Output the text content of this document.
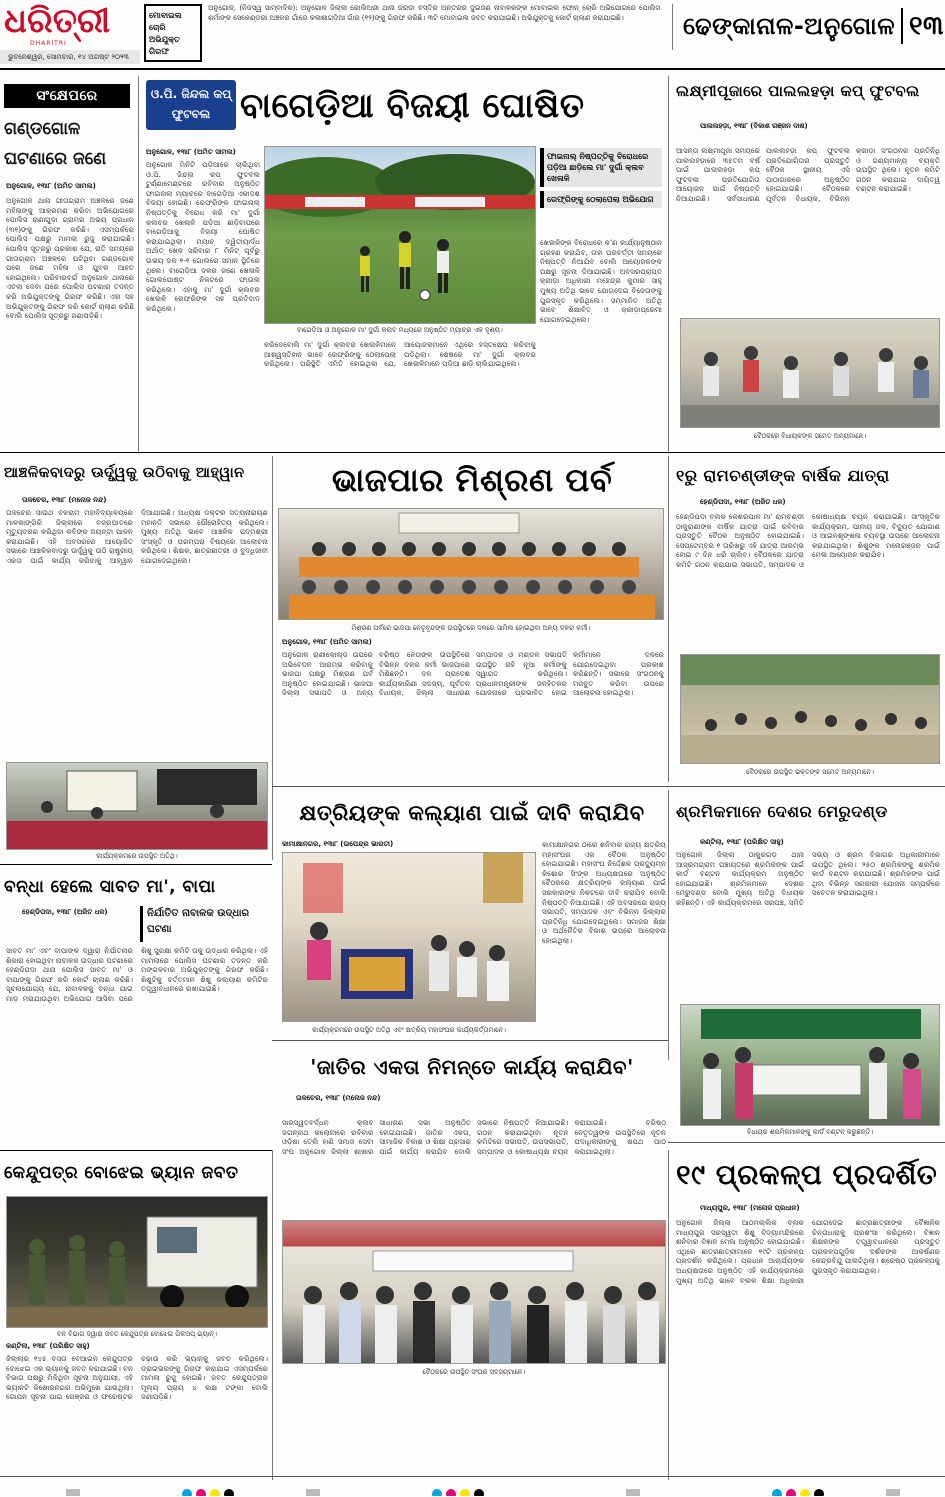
ଧରିତ୍ରୀ
DHARITRI
ଭୁବନେଶ୍ୱର, ସୋମବାର, ୧୪ ଅଗଷ୍ଟ ୨୦୨୩
ମୋବାଇଲ ଚୋରି ଅଭିଯୁକ୍ତ ଗିରଫ
ଅନୁଗୋଳ, (ନିଜସ୍ୱ ସାମ୍ବାଦିକ): ଅନୁଗୋଳ ଜିଲ୍ଲା କୋଲିଅରୀ ଥାନା ଜରଡା ବସ୍ତିର ଅନ୍ତରର ଦୁଇଜଣ ନାବାଳକଙ୍କ ମୋବାଇଲ ଫୋନ୍ ଚୋରି ଅଭିଯୋଗରେ ପୋଲିସ ଶର୍ମାଙ୍କ ସେକେଣ୍ଡରୀ ଅଞ୍ଚଳର ଗାଁରେ କଳାଶାଗଡ଼ିଆ ଗାଁର (୧୨)ଙ୍କୁ ଗିରଫ କରିଛି। ୩ଟି ମୋବାଇଲ ଜବତ କରାଯାଇଛି। ଅଭିଯୁକ୍ତକୁ କୋର୍ଟ ଚାଲାଣ କରାଯାଇଛି।	ଢେଙ୍କାନାଳ-ଅନୁଗୋଳ ୧୩
ସଂକ୍ଷେପରେ
ଗଣ୍ଡଗୋଳ ଘଟଣାରେ ଜଣେ
ଅନୁଗୋଳ, ୧୩ା୮ (ଅମିତ ସାମଲ)
ଅନୁଗୋଳ ଥାନା ଗୀତାଗ୍ରାମ ଅଞ୍ଚଳରେ ଜଣେ ମହିଳାଙ୍କୁ ଆକ୍ରମଣ କରିବା ଅଭିଯୋଗରେ ପୋଲିସ ରାଣୀଗୁଡ଼ା ଗ୍ରାମର ଅଭୟ ପ୍ରଧାନ (୩୧)ଙ୍କୁ ଗିରଫ କରିଛି। ଏସମ୍ପର୍କରେ ପୋଲିସ ପକ୍ଷରୁ ମାମଲା ରୁଜୁ କରାଯାଇଛି। ପୋଲିସ ସୂତ୍ରରୁ ପ୍ରକାଶ ଯେ, ରାତି ସମୟରେ ଗୀତାଗ୍ରାମ ଅଞ୍ଚଳରେ ଘଟିଥିବା ଗଣ୍ଡଗୋଳ ପରେ ଜଣେ ମହିଳା ଓ ଯୁବକ ଆହତ ହୋଇଥିଲେ। ପରିବାରବର୍ଗ ଅନୁଗୋଳ ଥାନାରେ ଏତଲା ଦେବା ପରେ ପୋଲିସ ଘଟଣାର ତଦନ୍ତ କରି ଅଭିଯୁକ୍ତଙ୍କୁ ଗିରଫ କରିଛି। ଏହା ସହ ଅଭିଯୁକ୍ତଙ୍କୁ ଗିରଫ କରି କୋର୍ଟ ଚାଲାଣ କରିଛି ବୋଲି ପୋଲିସ ସୂତ୍ରରୁ ଜଣାପଡ଼ିଛି।
ଓ.ପି. ଜିନ୍ଦଲ କପ୍ ଫୁଟବଲ ବାଗେଡ଼ିଆ ବିଜୟୀ ଘୋଷିତ
ଅନୁଗୋଳ, ୧୩ା୮ (ଅମିତ ସାମଲ)
ଅନୁଗୋଳ ମିନିଟି ପଡ଼ିଆରେ ଚାଲିଥିବା ଓ.ପି. ଜିନ୍ଦଲ କପ୍ ଫୁଟବଲ ଟୁର୍ଣ୍ଣାମେଣ୍ଟରେ ରବିବାର ଅନୁଷ୍ଠିତ ଫାଇନାଲ ମ୍ୟାଚରେ ବାଗେଡ଼ିଆ ଏକାଦଶ ବିଜୟୀ ହୋଇଛି। ରେଫ୍ରିଙ୍କ ଫାଇନାଲ୍ ନିଷ୍ପତ୍ତିକୁ ବିରୋଧ କରି ମା' ଦୁର୍ଗା କ୍ଲବର ଖେଳାଳି ପଡ଼ିଆ ଛାଡ଼ିବାପରେ ବାଗେଡ଼ିଆକୁ ବିଜୟୀ ଘୋଷିତ କରାଯାଇଥିଲା। ମ୍ୟାଚ୍ ଦ୍ୱିତୀୟାର୍ଦ୍ଧ ଅର୍ଥାତ୍ ଖେଳ ସରିବାର ୮ ମିନିଟ୍ ପୂର୍ବରୁ ଉଭୟ ଦଳ ୧-୧ ଗୋଲରେ ସମାନ ସ୍ଥିତିରେ ଥିଲେ। ବାଗେଡ଼ିଆ ଦଳର ଜଣେ ଖେଳାଳି ଗୋଲପୋଷ୍ଟ ନିକଟରେ ଫାଉଲ କରିଥିଲେ। ଏହାକୁ ମା' ଦୁର୍ଗା କ୍ଲବର ଖେଳାଳି ରେଫ୍ରିଙ୍କ ସହ ପ୍ରତିବାଦ କରିଥିଲେ।
ବାଗେଡ଼ିଆ ଓ ଅନୁଗୋଳ ମା' ଦୁର୍ଗା କ୍ଲବ ମଧ୍ୟରେ ଅନୁଷ୍ଠିତ ମ୍ୟାଚ୍‌ର ଏକ ଦୃଶ୍ୟ।
ଫାଇନାଲ୍ ନିଷ୍ପତ୍ତିକୁ ବିରୋଧରେ ପଡ଼ିଆ ଛାଡ଼ିଲେ ମା' ଦୁର୍ଗା କ୍ଲବ ଖେଳାଳି
ରେଫ୍ରିଙ୍କୁ ଠେଲାପେଲା ଅଭିଯୋଗ
ଖେଳାଳିଙ୍କ ବିରୋଧରେ କ'ଣ କାର୍ଯ୍ୟାନୁଷ୍ଠାନ ଗ୍ରହଣ କରାଯିବ, ତାହା ପରବର୍ତ୍ତୀ ସମୟରେ ନିଷ୍ପତ୍ତି ନିଆଯିବ ବୋଲି ଆୟୋଜକଙ୍କ ପକ୍ଷରୁ ସୂଚନା ଦିଆଯାଇଛି। ଅବସରପ୍ରାପ୍ତ କ୍ରୀଡ଼ା ଅଧିକାରୀ ମହେନ୍ଦ୍ର କୁମାର ସାହୁ ମୁଖ୍ୟ ଅତିଥି ଭାବେ ଯୋଗଦେଇ ବିଜେତାଙ୍କୁ ପୁରସ୍କୃତ କରିଥିଲେ। ସମ୍ମାନିତ ଅତିଥି ଭାବେ ଶିକ୍ଷାବିତ୍ ଓ କ୍ରୀଡ଼ାପ୍ରେମୀ ଯୋଗଦେଇଥିଲେ।
କରିବେବୋଲି ମା' ଦୁର୍ଗା କ୍ଲବର ଖେଳାଳିମାନେ ଆଶ୍ୱସ୍ତିହୀନ ଭାବେ ରେଫ୍ରିଙ୍କୁ ଠେଲାପେଲା କରିଥିଲେ। ପରିସ୍ଥିତି ଏମିତି ହୋଇଥିଲା ଯେ, ଆୟୋଜକମାନେ ଏଥିରେ ହସ୍ତକ୍ଷେପ କରିବାକୁ ପଡ଼ିଥିଲା। ଶେଷରେ ମା' ଦୁର୍ଗା କ୍ଲବର ଖେଳାଳିମାନେ ପଡ଼ିଆ ଛାଡ଼ି ଚାଲିଯାଇଥିଲେ।
ଲକ୍ଷ୍ମୀପୂଜାରେ ପାଲଲହଡ଼ା କପ୍ ଫୁଟବଲ
ପାଲଲହଡ଼ା, ୧୩ା୮ (ବିକାଶ ରଞ୍ଜନ ଦାଶ)
ଆସନ୍ତା ଲକ୍ଷ୍ମୀପୂଜା ସମୟରେ ପାଲଲହଡ଼ାରେ ୩୫ତମ ବର୍ଷ ପାଇଁ ପାଲଲହଡ଼ା କପ୍ ଫୁଟବଲ ପ୍ରତିଯୋଗିତା ଆୟୋଜନ ପାଇଁ ନିଷ୍ପତ୍ତି ନିଆଯାଇଛି। ସର୍ବସାଧାରଣ ପାଲଲହଡ଼ା କପ୍ ଫୁଟବଲ ପ୍ରତିଯୋଗିତାର ପ୍ରସ୍ତୁତି ବୈଠକ ସ୍ଥାନୀୟ ଏସି ପାଠାଗାରରେ ଅନୁଷ୍ଠିତ ହୋଇଯାଇଛି। ବୈଠକରେ ପୂର୍ବତନ ବିଧାୟକ, ବିଭିନ୍ନ କ୍ରୀଡ଼ା ସଂଗଠନର ପ୍ରତିନିଧି ଓ ଗଣ୍ୟମାନ୍ୟ ବ୍ୟକ୍ତି ଉପସ୍ଥିତ ଥିଲେ। ନୂତନ କମିଟି ଗଠନ କରାଯାଇ ଦାୟିତ୍ୱ ବଣ୍ଟନ କରାଯାଇଛି।
ବୈଠକରେ ବିଧାୟକଙ୍କ ସମେତ ଅନ୍ୟମାନେ।
ଆଞ୍ଚଳିକବାଦରୁ ଊର୍ଦ୍ଧ୍ୱକୁ ଉଠିବାକୁ ଆହ୍ୱାନ
ତାଳଚେର, ୧୩ା୮ (ମନୋଜ ନନ୍ଦ)
ତାଳଚେର ସାଉଥ ବଳରାମ ମହାବିଦ୍ୟାଳୟରେ ମାଳକାଙ୍ଗିରି ଜିଲ୍ଲାରେ ବଜ୍ରଘାତରେ ମୃତ୍ୟୁବରଣ କରିଥିବା କବିଙ୍କ ଜୟନ୍ତୀ ପାଳନ କରାଯାଇଛି। ଏହି ଅବସରରେ ଆୟୋଜିତ ସଭାରେ ଆଞ୍ଚଳିକବାଦରୁ ଊର୍ଦ୍ଧ୍ୱକୁ ଉଠି ରାଷ୍ଟ୍ରୀୟ ଏକତା ପାଇଁ କାର୍ଯ୍ୟ କରିବାକୁ ଆହ୍ୱାନ ଦିଆଯାଇଛି। ଅଧ୍ୟକ୍ଷ ଡକ୍ଟର ସତ୍ୟନାରାୟଣ ମହାନ୍ତି ସଭାରେ ପୌରୋହିତ୍ୟ କରିଥିଲେ। ମୁଖ୍ୟ ଅତିଥି ଭାବେ ଆଞ୍ଚଳିକ ପଦ୍ମଶ୍ରୀ ସଂସ୍କୃତି ଓ ପରମ୍ପରା ବିଷୟରେ ଆଲୋଚନା କରିଥିଲେ। ଶିକ୍ଷକ, ଛାତ୍ରଛାତ୍ରୀ ଓ ବୁଦ୍ଧିଜୀବୀ ଯୋଗଦେଇଥିଲେ।
କାର୍ଯ୍ୟକ୍ରମରେ ଉପସ୍ଥିତ ଅତିଥି।
ଭାଜପାର ମିଶ୍ରଣ ପର୍ବ
ମିଶ୍ରଣ ପର୍ବରେ ଭାଜପା ନେତୃବୃନ୍ଦଙ୍କ ଉପସ୍ଥିତରେ ଦଳରେ ସାମିଲ ହୋଇଥିବା ଅନ୍ୟ ଦଳର କର୍ମୀ।
ଅନୁଗୋଳ, ୧୩ା୮ (ଅମିତ ସାମଲ)
ଅନୁଗୋଳ ରାଣୀକୋଲ୍ଡ ଉପରେ ଅଭିବେଦନ ଆରମ୍ଭ କରିବାକୁ ଭାଜପା ପକ୍ଷରୁ ମିଶ୍ରଣ ପର୍ବ ଅନୁଷ୍ଠିତ ହୋଇଯାଇଛି। ଭାଜପା ଜିଲ୍ଲା ସଭାପତି ଓ ଅନ୍ୟ ବରିଷ୍ଠ ନେତାଙ୍କ ଉପସ୍ଥିତିରେ ବିଭିନ୍ନ ଦଳର କର୍ମୀ ଭାଜପାରେ ମିଶିଛନ୍ତି। ଦଳ ପ୍ରଦେଶ କାର୍ଯ୍ୟକାରିଣୀ ସଦସ୍ୟ, ପୂର୍ବତନ ବିଧାୟକ, ଜିଲ୍ଲା ସାଧାରଣ ସମ୍ପାଦକ ଓ ମଣ୍ଡଳ ସଭାପତି ଉପସ୍ଥିତ ରହି ନୂଆ କର୍ମୀଙ୍କୁ ସ୍ୱାଗତ କରିଥିଲେ। ପ୍ରଧାନମନ୍ତ୍ରୀଙ୍କ ଜନହିତକର ଯୋଜନାରେ ପ୍ରଭାବିତ ହୋଇ କର୍ମୀମାନେ ଦଳରେ ଯୋଗଦେଇଥିବା ପ୍ରକାଶ କରିଛନ୍ତି। ସଭାରେ ସଂଗଠନକୁ ମଜବୁତ କରିବା ଉପରେ ଆଲୋଚନା ହୋଇଥିଲା।
୧ରୁ ରାମଚଣ୍ଡୀଙ୍କ ବାର୍ଷିକ ଯାତ୍ରା
ହେଣ୍ଡିପଦା, ୧୩ା୮ (ଅଜିତ ଧଳ)
ହେଣ୍ଡିପଦା ବ୍ଲକ କେଶରପାଳ ମା' ରାମଚଣ୍ଡୀ ଠାକୁରାଣୀଙ୍କ ବାର୍ଷିକ ଯାତ୍ରା ପାଇଁ ରବିବାର ପ୍ରସ୍ତୁତି ବୈଠକ ଅନୁଷ୍ଠିତ ହୋଇଯାଇଛି। ସେପ୍ଟେମ୍ବର ୧ ତାରିଖରୁ ଏହି ଯାତ୍ରା ଆରମ୍ଭ ହୋଇ ୯ ଦିନ ଧରି ଚାଲିବ। ବୈଠକରେ ଯାତ୍ରା କମିଟି ଗଠନ କରାଯାଇ ସଭାପତି, ସମ୍ପାଦକ ଓ କୋଷାଧ୍ୟକ୍ଷ ଚୟନ କରାଯାଇଛି। ସାଂସ୍କୃତିକ କାର୍ଯ୍ୟକ୍ରମ, ପାନୀୟ ଜଳ, ବିଦ୍ୟୁତ ଯୋଗାଣ ଓ ଆଇନଶୃଙ୍ଖଳା ବ୍ୟବସ୍ଥା ଉପରେ ଆଲୋଚନା କରାଯାଇଥିଲା। ଶିଶୁଙ୍କ ମନୋରଞ୍ଜନ ପାଇଁ ମେଳା ଆୟୋଜନ କରାଯିବ।
ବୈଠକରେ ଉପସ୍ଥିତ ଭକ୍ତଙ୍କ ସମେତ ଅନ୍ୟମାନେ।
କ୍ଷତ୍ରିୟଙ୍କ କଲ୍ୟାଣ ପାଇଁ ଦାବି କରାଯିବ
କାମାକ୍ଷାନଗର, ୧୩ା୮ (ଉପେନ୍ଦ୍ର ଭାରତୀ)
କାର୍ଯ୍ୟକ୍ରମରେ ଉପସ୍ଥିତ ଅତିଥି ଏବଂ କ୍ଷତ୍ରିୟ ମହାସଂଘର କାର୍ଯ୍ୟକର୍ତ୍ତାମାନେ।
କାମାକ୍ଷାନଗର ଠାରେ ଶନିବାର ରାଜ୍ୟ କ୍ଷତ୍ରିୟ ମହାସଂଘର ଏକ ବୈଠକ ଅନୁଷ୍ଠିତ ହୋଇଯାଇଛି। ମହାସଂଘ ନିର୍ଦ୍ଦେଶକ ପ୍ରଦ୍ୟୁମ୍ନ କିଶୋର ସିଂଙ୍କ ଅଧ୍ୟକ୍ଷତାରେ ଅନୁଷ୍ଠିତ ବୈଠକରେ କ୍ଷତ୍ରିୟଙ୍କ କଲ୍ୟାଣ ପାଇଁ ସରକାରଙ୍କ ନିକଟରେ ଦାବି କରାଯିବ ବୋଲି ନିଷ୍ପତ୍ତି ନିଆଯାଇଛି। ଏହି ଅବସରରେ ରାଜ୍ୟ ସଭାପତି, ସମ୍ପାଦକ ଏବଂ ବିଭିନ୍ନ ଜିଲ୍ଲାର ପ୍ରତିନିଧି ଯୋଗଦେଇଥିଲେ। ସମାଜର ଶିକ୍ଷା ଓ ଅର୍ଥନୈତିକ ବିକାଶ ଉପରେ ଆଲୋଚନା ହୋଇଥିଲା।
ଶ୍ରମିକମାନେ ଦେଶର ମେରୁଦଣ୍ଡ
କଣ୍ଟିଲା, ୧୩ା୮ (ପରିକ୍ଷିତ ସାହୁ)
ଅନୁଗୋଳ ଜିଲ୍ଲା ଠାକୁରଗଡ଼ ଥାନା ଆସ୍ରମଗ୍ରାମ ପଞ୍ଚାୟତରେ ଶ୍ରମିକଙ୍କ ପାଇଁ କାର୍ଡ ବଣ୍ଟନ କାର୍ଯ୍ୟକ୍ରମ ଅନୁଷ୍ଠିତ ହୋଇଯାଇଛି। ଶ୍ରମିକମାନେ ଦେଶର ମେରୁଦଣ୍ଡ ବୋଲି ମୁଖ୍ୟ ଅତିଥି ବିଧାୟକ କହିଛନ୍ତି। ଏହି କାର୍ଯ୍ୟକ୍ରମରେ ସରପଞ୍ଚ, ସମିତି ସଭ୍ୟ ଓ ଶ୍ରମ ବିଭାଗର ଅଧିକାରୀମାନେ ଉପସ୍ଥିତ ଥିଲେ। ୨୫୦ ଶ୍ରମିକଙ୍କୁ ଶ୍ରମିକ କାର୍ଡ ବଣ୍ଟନ କରାଯାଇଛି। ଶ୍ରମିକଙ୍କ ପାଇଁ ଥିବା ବିଭିନ୍ନ ସରକାରୀ ଯୋଜନା ସମ୍ପର୍କରେ ସଚେତନ କରାଯାଇଥିଲା।
ବିଧାୟକ ଶ୍ରମିକମାନଙ୍କୁ କାର୍ଡ ବଣ୍ଟନ କରୁଛନ୍ତି।
ବନ୍ଧା ହେଲେ ସାବତ ମା', ବାପା
ହେଣ୍ଡିପଦା, ୧୩ା୮ (ଅଜିତ ଧଳ)	ନିର୍ଯାତିତ ନାବାଳକ ଉଦ୍ଧାର ଘଟଣା
ସାବତ ମା' ଏବଂ ବାପାଙ୍କ ଦ୍ୱାରା ନିର୍ଯାତନାର ଶିକାର ହୋଇଥିବା ନାବାଳକ ଉଦ୍ଧାର ଘଟଣାରେ ହେଣ୍ଡିପଦା ଥାନା ପୋଲିସ ସାବତ ମା' ଓ ବାପାଙ୍କୁ ଗିରଫ କରି କୋର୍ଟ ଚାଲାଣ କରିଛି। ସୂଚନାଯୋଗ୍ୟ ଯେ, ନାବାଳକକୁ ବନ୍ଧା ଯାଇ ମାଡ଼ ମରାଯାଉଥିବା ଅଭିଯୋଗ ଆସିବା ପରେ ଶିଶୁ ସୁରକ୍ଷା କମିଟି ତାକୁ ଉଦ୍ଧାର କରିଥିଲା। ଏହି ମାମଲାରେ ପୋଲିସ ଘଟଣାର ତଦନ୍ତ କରି ମଙ୍ଗଳବାର ଅଭିଯୁକ୍ତଙ୍କୁ ଗିରଫ କରିଛି। ଶିଶୁଟିକୁ ବର୍ତ୍ତମାନ ଶିଶୁ କଲ୍ୟାଣ କମିଟିର ତତ୍ତ୍ୱାବଧାନରେ ରଖାଯାଇଛି।
'ଜାତିର ଏକତା ନିମନ୍ତେ କାର୍ଯ୍ୟ କରାଯିବ'
ତାଳଚେର, ୧୩ା୮ (ମନୋଜ ନନ୍ଦ)
ସାରସ୍ୱତବର୍ଦ୍ଧନ କ୍ଲବ ଜଗନ୍ନାଥ କଲୋନୀରେ ରବିବାର ଓଡ଼ିଶା ତେଲି ହାଣି ସମାଜ ସେବା ସଂଘ ଅନୁଗୋଳ ଜିଲ୍ଲା ଶାଖାର ସାଧାରଣ ସଭା ଅନୁଷ୍ଠିତ ହୋଇଯାଇଛି। ଜାତିର ଏକତା, ସାମାଜିକ ବିକାଶ ଓ ଶିକ୍ଷା ପ୍ରସାର ପାଇଁ କାର୍ଯ୍ୟ କରାଯିବ ବୋଲି ସଭାରେ ନିଷ୍ପତ୍ତି ନିଆଯାଇଛି। ଗଠନ କରାଯାଇଥିବା ନୂତନ କମିଟିରେ ସଭାପତି, ଉପସଭାପତି, ସମ୍ପାଦକ ଓ କୋଷାଧ୍ୟକ୍ଷ ଚୟନ କରାଯାଇଛି। ବରିଷ୍ଠ ନେତୃତ୍ୱଙ୍କ ଉପସ୍ଥିତିରେ ନୂତନ ପଦାଧିକାରୀଙ୍କୁ ଶପଥ ପାଠ କରାଯାଇଥିଲା।
ବୈଠକରେ ଉପସ୍ଥିତ ସଂଘର ସଦସ୍ୟମାନେ।
କେନ୍ଦୁପତ୍ର ବୋଝେଇ ଭ୍ୟାନ ଜବତ
ବନ ବିଭାଗ ଦ୍ୱାରା ଜବତ କେନ୍ଦୁପତ୍ର ବୋଝେଇ ପିକଅପ୍ ଭ୍ୟାନ୍।
କଣ୍ଟିଲା, ୧୩ା୮ (ପରିକ୍ଷିତ ସାହୁ)
ଜିଲ୍ଲାର ୧୪୫ ବସ୍ତା ବେଆଇନ କେନ୍ଦୁପତ୍ର ବୋଝେଇ ଏକ ଭ୍ୟାନକୁ ଜବତ କରାଯାଇଛି। ବନ ବିଭାଗ ପକ୍ଷରୁ ମିଳିଥିବା ସୂଚନା ଅନୁଯାୟୀ, ଏହି ଭ୍ୟାନଟି କିଶୋରନଗର ଅଭିମୁଖେ ଯାଉଥିଲା। ଗୋପନ ସୂଚନା ପାଇ ରେଞ୍ଜର ଓ ଫରେଷ୍ଟର ଚଢ଼ାଉ କରି ଭ୍ୟାନକୁ ଜବତ କରିଥିଲେ। ଡ୍ରାଇଭରଙ୍କୁ ଗିରଫ କରାଯାଇ ଏସମ୍ପର୍କରେ ମାମଲା ରୁଜୁ ହୋଇଛି। ଜବତ କେନ୍ଦୁପତ୍ରର ମୂଲ୍ୟ ପ୍ରାୟ ୪ ଲକ୍ଷ ଟଙ୍କା ବୋଲି ଜଣାପଡ଼ିଛି।
୧୯ ପ୍ରକଳ୍ପ ପ୍ରଦର୍ଶିତ
ମାଧ୍ୟପୁର, ୧୩ା୮ (ମନୋଜ ପ୍ରଧାନ)
ଅନୁଗୋଳ ଜିଲ୍ଲା ଆଠମଲ୍ଲିକ ବ୍ଲକ ମାଧ୍ୟପୁର ସରସ୍ୱତୀ ଶିଶୁ ବିଦ୍ୟାମନ୍ଦିରରେ ଶନିବାର ବିଜ୍ଞାନ ମେଳା ଅନୁଷ୍ଠିତ ହୋଇଯାଇଛି। ଏଥିରେ ଛାତ୍ରଛାତ୍ରୀମାନେ ୧୯ଟି ପ୍ରକଳ୍ପ ପ୍ରଦର୍ଶନ କରିଥିଲେ। ପ୍ରଧାନ ଆଚାର୍ଯ୍ୟଙ୍କ ଅଧ୍ୟକ୍ଷତାରେ ଅନୁଷ୍ଠିତ ଏହି କାର୍ଯ୍ୟକ୍ରମରେ ମୁଖ୍ୟ ଅତିଥି ଭାବେ ବ୍ଲକ ଶିକ୍ଷା ଅଧିକାରୀ ଯୋଗଦେଇ ଛାତ୍ରଛାତ୍ରୀଙ୍କ ବୈଜ୍ଞାନିକ ଚିନ୍ତାଧାରାକୁ ପ୍ରଶଂସା କରିଥିଲେ। ବିଜ୍ଞାନ ଶିକ୍ଷକଙ୍କ ତତ୍ତ୍ୱାବଧାନରେ ପ୍ରସ୍ତୁତ ପ୍ରକଳ୍ପଗୁଡ଼ିକ ଦର୍ଶକଙ୍କ ଆକର୍ଷଣର କେନ୍ଦ୍ରବିନ୍ଦୁ ପାଲଟିଥିଲା। ଶ୍ରେଷ୍ଠ ପ୍ରକଳ୍ପକୁ ପୁରସ୍କୃତ କରାଯାଇଥିଲା।
